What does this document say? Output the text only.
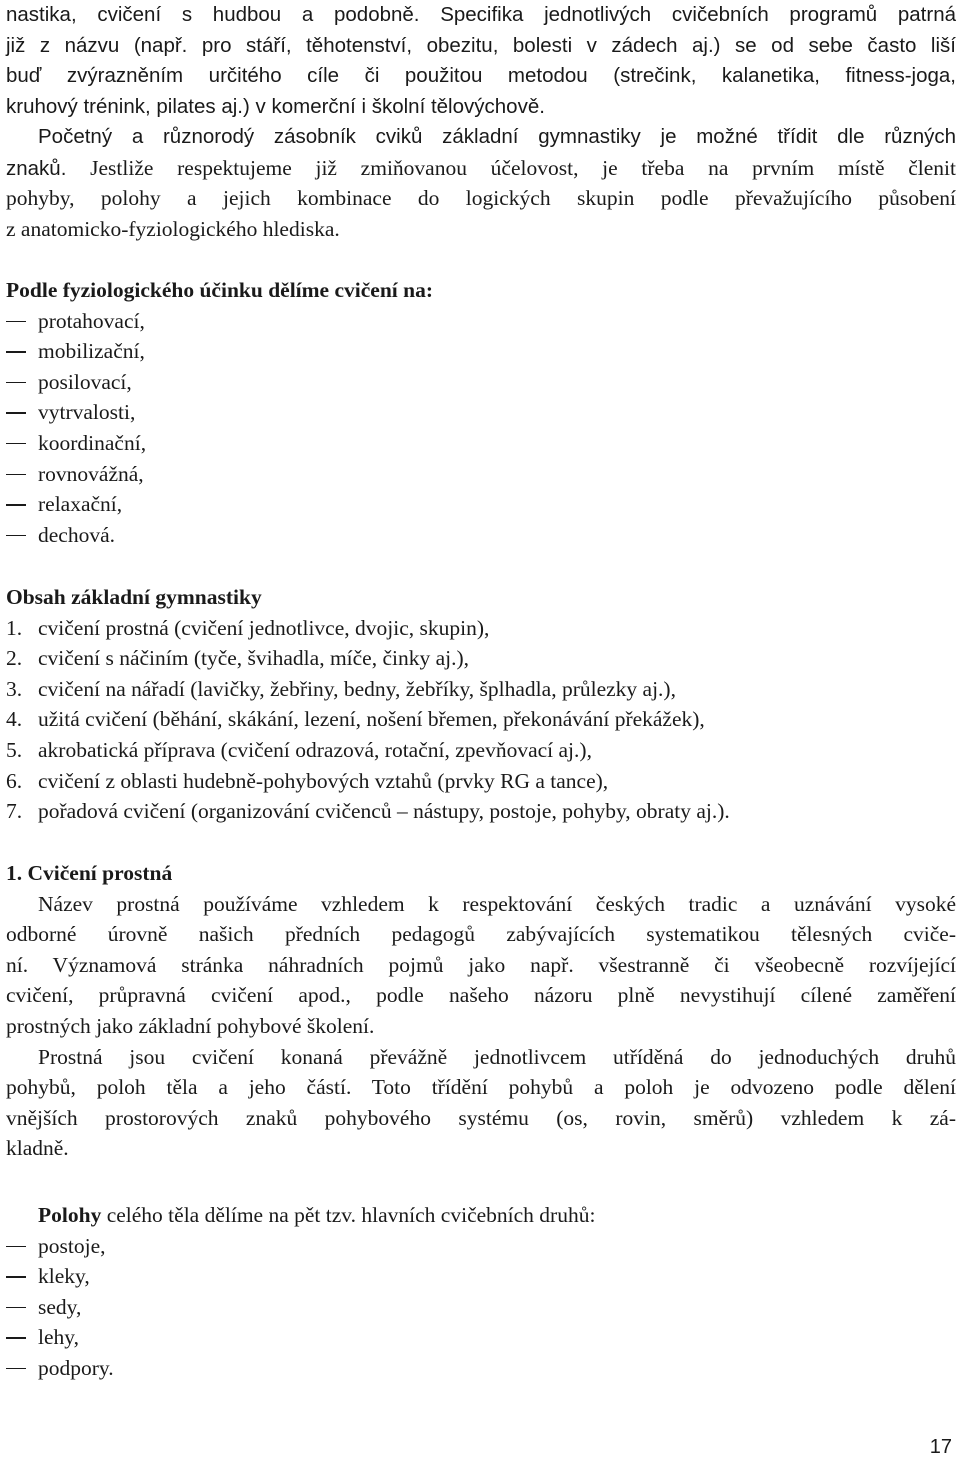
nastika, cvičení s hudbou a podobně. Specifika jednotlivých cvičebních programů patrná
již z názvu (např. pro stáří, těhotenství, obezitu, bolesti v zádech aj.) se od sebe často liší
buď zvýrazněním určitého cíle či použitou metodou (strečink, kalanetika, fitness-joga,
kruhový trénink, pilates aj.) v komerční i školní tělovýchově.
Početný a různorodý zásobník cviků základní gymnastiky je možné třídit dle různých
znaků. Jestliže respektujeme již zmiňovanou účelovost, je třeba na prvním místě členit
pohyby, polohy a jejich kombinace do logických skupin podle převažujícího působení
z anatomicko-fyziologického hlediska.
Podle fyziologického účinku dělíme cvičení na:
protahovací,
mobilizační,
posilovací,
vytrvalosti,
koordinační,
rovnovážná,
relaxační,
dechová.
Obsah základní gymnastiky
1. cvičení prostná (cvičení jednotlivce, dvojic, skupin),
2. cvičení s náčiním (tyče, švihadla, míče, činky aj.),
3. cvičení na nářadí (lavičky, žebřiny, bedny, žebříky, šplhadla, průlezky aj.),
4. užitá cvičení (běhání, skákání, lezení, nošení břemen, překonávání překážek),
5. akrobatická příprava (cvičení odrazová, rotační, zpevňovací aj.),
6. cvičení z oblasti hudebně-pohybových vztahů (prvky RG a tance),
7. pořadová cvičení (organizování cvičenců – nástupy, postoje, pohyby, obraty aj.).
1. Cvičení prostná
Název prostná používáme vzhledem k respektování českých tradic a uznávání vysoké
odborné úrovně našich předních pedagogů zabývajících systematikou tělesných cviče-
ní. Významová stránka náhradních pojmů jako např. všestranně či všeobecně rozvíjející
cvičení, průpravná cvičení apod., podle našeho názoru plně nevystihují cílené zaměření
prostných jako základní pohybové školení.
Prostná jsou cvičení konaná převážně jednotlivcem utříděná do jednoduchých druhů
pohybů, poloh těla a jeho částí. Toto třídění pohybů a poloh je odvozeno podle dělení
vnějších prostorových znaků pohybového systému (os, rovin, směrů) vzhledem k zá-
kladně.
Polohy celého těla dělíme na pět tzv. hlavních cvičebních druhů:
postoje,
kleky,
sedy,
lehy,
podpory.
17
